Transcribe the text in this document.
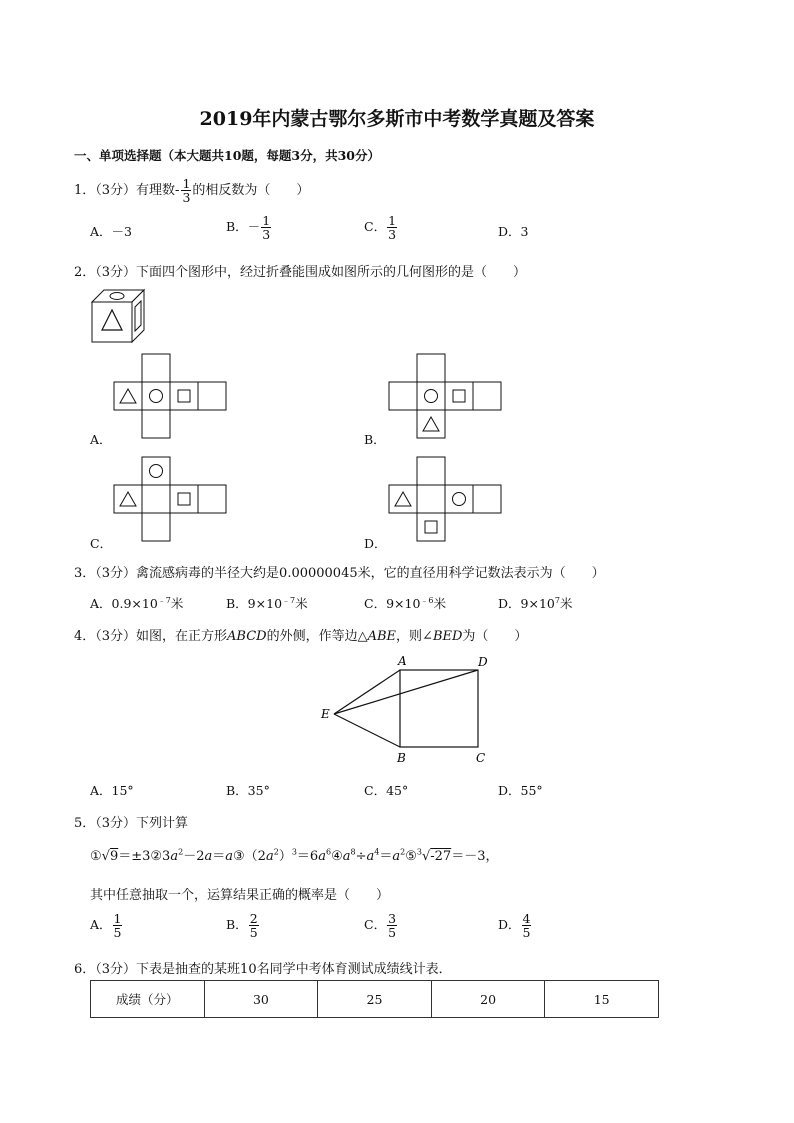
2019年内蒙古鄂尔多斯市中考数学真题及答案
一、单项选择题（本大题共10题，每题3分，共30分）
1．（3分）有理数- $\frac{1}{3}$ 的相反数为（　　）
A．－3	B．－ $\frac{1}{3}$	C． $\frac{1}{3}$	D．3
2．（3分）下面四个图形中，经过折叠能围成如图所示的几何图形的是（　　）
A．	B．
C．	D．
3．（3分）禽流感病毒的半径大约是0.00000045米，它的直径用科学记数法表示为（　　）
A．$0.9\times 10^{﹣7}$米	B．$9\times 10^{﹣7}$米	C．$9\times 10^{﹣6}$米	D．$9\times 10^7$米
4．（3分）如图，在正方形ABCD的外侧，作等边△ABE，则∠BED为（　　）
A	D
E
B	C
A．15°	B．35°	C．45°	D．55°
5．（3分）下列计算
$①√9=\pm 3②3a^2-2a=a③(2a^2)^3=6a^6④a^8\div a^4=a^2⑤^3√-27=-3$，
其中任意抽取一个，运算结果正确的概率是（　　）
A． $\frac{1}{5}$	B． $\frac{2}{5}$	C． $\frac{3}{5}$	D． $\frac{4}{5}$
6．（3分）下表是抽查的某班10名同学中考体育测试成绩线计表．
成绩（分）	30	25	20	15
